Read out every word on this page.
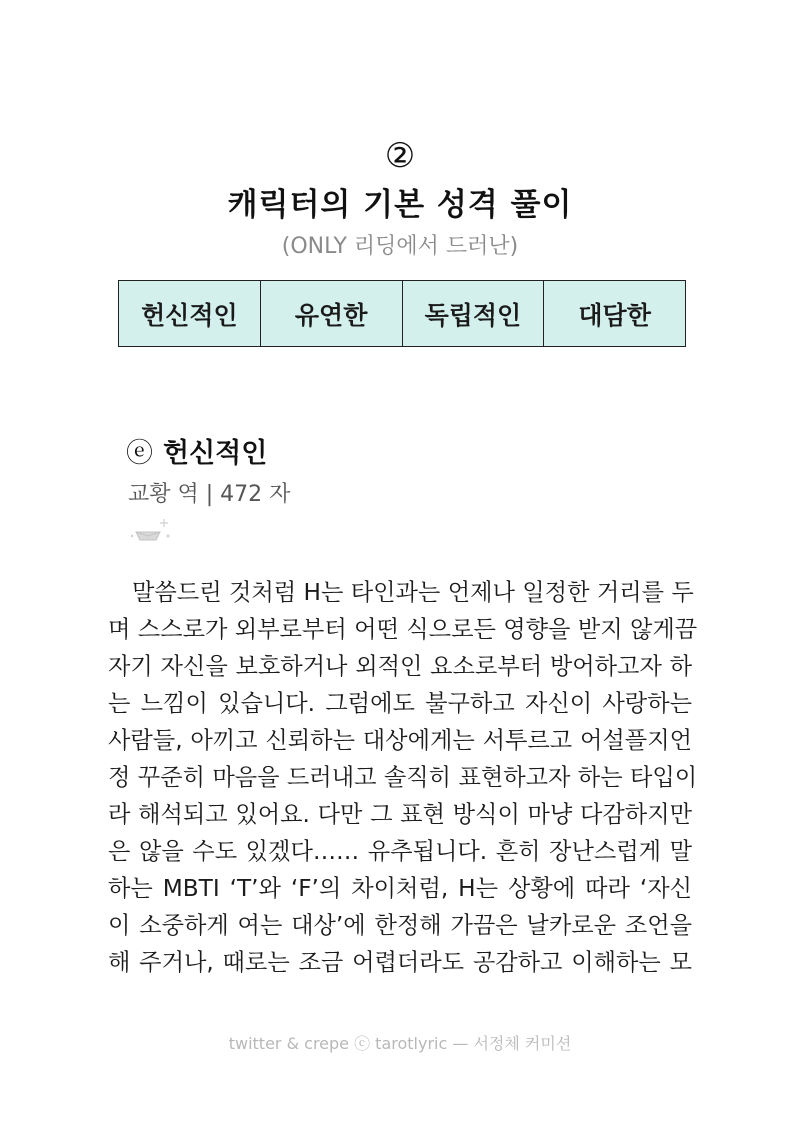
②
캐릭터의 기본 성격 풀이
(ONLY 리딩에서 드러난)
헌신적인	유연한	독립적인	대담한
ⓔ 헌신적인
교황 역 | 472 자

말씀드린 것처럼 H는 타인과는 언제나 일정한 거리를 두

며 스스로가 외부로부터 어떤 식으로든 영향을 받지 않게끔

자기 자신을 보호하거나 외적인 요소로부터 방어하고자 하

는 느낌이 있습니다. 그럼에도 불구하고 자신이 사랑하는

사람들, 아끼고 신뢰하는 대상에게는 서투르고 어설플지언

정 꾸준히 마음을 드러내고 솔직히 표현하고자 하는 타입이

라 해석되고 있어요. 다만 그 표현 방식이 마냥 다감하지만

은 않을 수도 있겠다…… 유추됩니다. 흔히 장난스럽게 말

하는 MBTI ‘T’와 ‘F’의 차이처럼, H는 상황에 따라 ‘자신

이 소중하게 여는 대상’에 한정해 가끔은 날카로운 조언을

해 주거나, 때로는 조금 어렵더라도 공감하고 이해하는 모

twitter & crepe ⓒ tarotlyric — 서정체 커미션
